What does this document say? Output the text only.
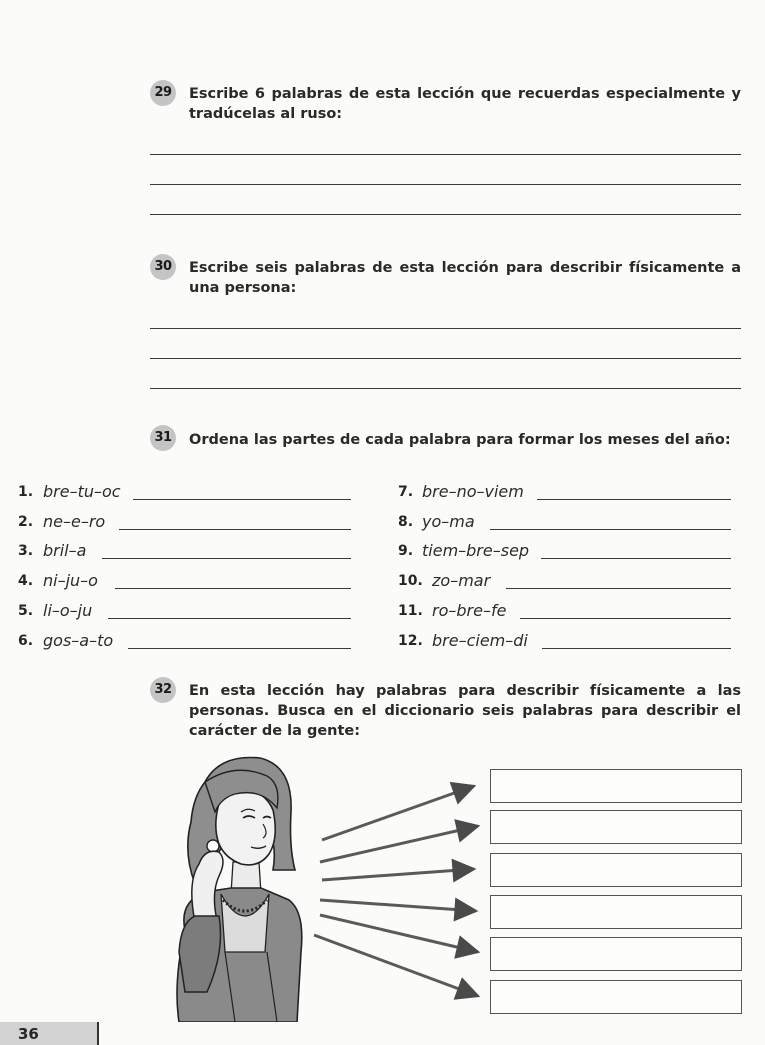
29	Escribe 6 palabras de esta lección que recuerdas especialmente y tradúcelas al ruso:
30	Escribe seis palabras de esta lección para describir físicamente a una persona:
31	Ordena las partes de cada palabra para formar los meses del año:
1. bre–tu–oc
2. ne–e–ro
3. bril–a
4. ni–ju–o
5. li–o–ju
6. gos–a–to
7. bre–no–viem
8. yo–ma
9. tiem–bre–sep
10. zo–mar
11. ro–bre–fe
12. bre–ciem–di
32	En esta lección hay palabras para describir físicamente a las personas. Busca en el diccionario seis palabras para describir el carácter de la gente:
36
